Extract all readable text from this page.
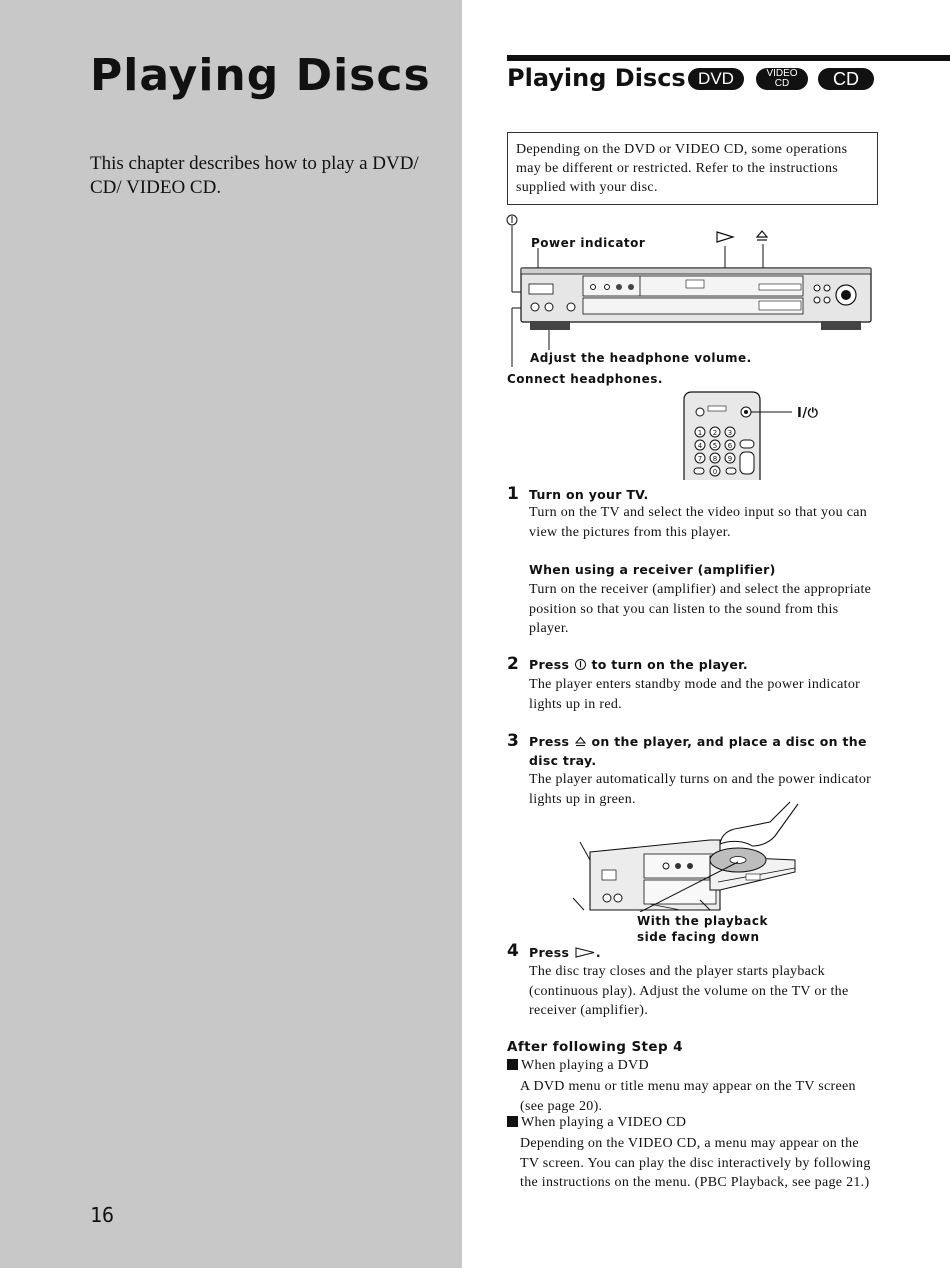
Playing Discs
This chapter describes how to play a DVD/ CD/ VIDEO CD.
16
Playing Discs DVD	VIDEO
CD	CD
Depending on the DVD or VIDEO CD, some operations may be different or restricted. Refer to the instructions supplied with your disc.
Power indicator
Adjust the headphone volume.
Connect headphones.
1 2 3
4 5 6
7 8 9
0
I/⏻
1 Turn on your TV.
Turn on the TV and select the video input so that you can view the pictures from this player.
When using a receiver (amplifier)
Turn on the receiver (amplifier) and select the appropriate position so that you can listen to the sound from this player.
2 Press  to turn on the player.
The player enters standby mode and the power indicator lights up in red.
3 Press  on the player, and place a disc on the disc tray.
The player automatically turns on and the power indicator lights up in green.
With the playback
side facing down
4 Press .
The disc tray closes and the player starts playback (continuous play). Adjust the volume on the TV or the receiver (amplifier).
After following Step 4
When playing a DVD
A DVD menu or title menu may appear on the TV screen (see page 20).
When playing a VIDEO CD
Depending on the VIDEO CD, a menu may appear on the TV screen. You can play the disc interactively by following the instructions on the menu. (PBC Playback, see page 21.)
